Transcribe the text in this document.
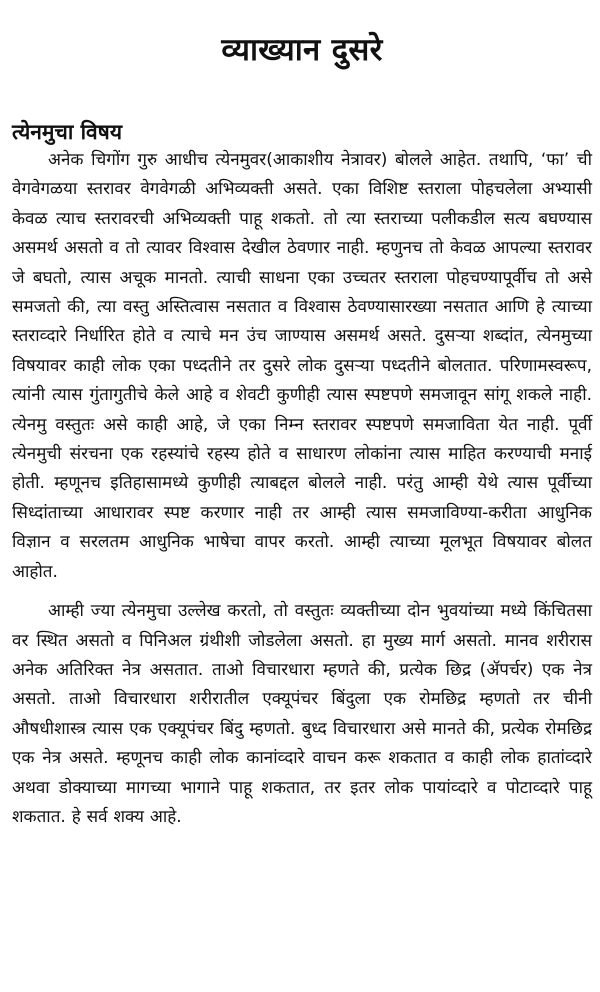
व्याख्यान दुसरे
त्येनमुचा विषय

अनेक चिगोंग गुरु आधीच त्येनमुवर(आकाशीय नेत्रावर) बोलले आहेत. तथापि, ‘फा’ ची वेगवेगळया स्तरावर वेगवेगळी अभिव्यक्ती असते. एका विशिष्ट स्तराला पोहचलेला अभ्यासी केवळ त्याच स्तरावरची अभिव्यक्ती पाहू शकतो. तो त्या स्तराच्या पलीकडील सत्य बघण्यास असमर्थ असतो व तो त्यावर विश्वास देखील ठेवणार नाही. म्हणुनच तो केवळ आपल्या स्तरावर जे बघतो, त्यास अचूक मानतो. त्याची साधना एका उच्चतर स्तराला पोहचण्यापूर्वीच तो असे समजतो की, त्या वस्तु अस्तित्वास नसतात व विश्वास ठेवण्यासारख्या नसतात आणि हे त्याच्या स्तराव्दारे निर्धारित होते व त्याचे मन उंच जाण्यास असमर्थ असते. दुसऱ्या शब्दांत, त्येनमुच्या विषयावर काही लोक एका पध्दतीने तर दुसरे लोक दुसऱ्या पध्दतीने बोलतात. परिणामस्वरूप, त्यांनी त्यास गुंतागुतीचे केले आहे व शेवटी कुणीही त्यास स्पष्टपणे समजावून सांगू शकले नाही. त्येनमु वस्तुतः असे काही आहे, जे एका निम्न स्तरावर स्पष्टपणे समजाविता येत नाही. पूर्वी त्येनमुची संरचना एक रहस्यांचे रहस्य होते व साधारण लोकांना त्यास माहित करण्याची मनाई होती. म्हणूनच इतिहासामध्ये कुणीही त्याबद्दल बोलले नाही. परंतु आम्ही येथे त्यास पूर्वीच्या सिध्दांताच्या आधारावर स्पष्ट करणार नाही तर आम्ही त्यास समजाविण्या-करीता आधुनिक विज्ञान व सरलतम आधुनिक भाषेचा वापर करतो. आम्ही त्याच्या मूलभूत विषयावर बोलत आहोत.

आम्ही ज्या त्येनमुचा उल्लेख करतो, तो वस्तुतः व्यक्तीच्या दोन भुवयांच्या मध्ये किंचितसा वर स्थित असतो व पिनिअल ग्रंथीशी जोडलेला असतो. हा मुख्य मार्ग असतो. मानव शरीरास अनेक अतिरिक्त नेत्र असतात. ताओ विचारधारा म्हणते की, प्रत्येक छिद्र (ॲपर्चर) एक नेत्र असतो. ताओ विचारधारा शरीरातील एक्यूपंचर बिंदुला एक रोमछिद्र म्हणतो तर चीनी औषधीशास्त्र त्यास एक एक्यूपंचर बिंदु म्हणतो. बुध्द विचारधारा असे मानते की, प्रत्येक रोमछिद्र एक नेत्र असते. म्हणूनच काही लोक कानांव्दारे वाचन करू शकतात व काही लोक हातांव्दारे अथवा डोक्याच्या मागच्या भागाने पाहू शकतात, तर इतर लोक पायांव्दारे व पोटाव्दारे पाहू शकतात. हे सर्व शक्य आहे.
